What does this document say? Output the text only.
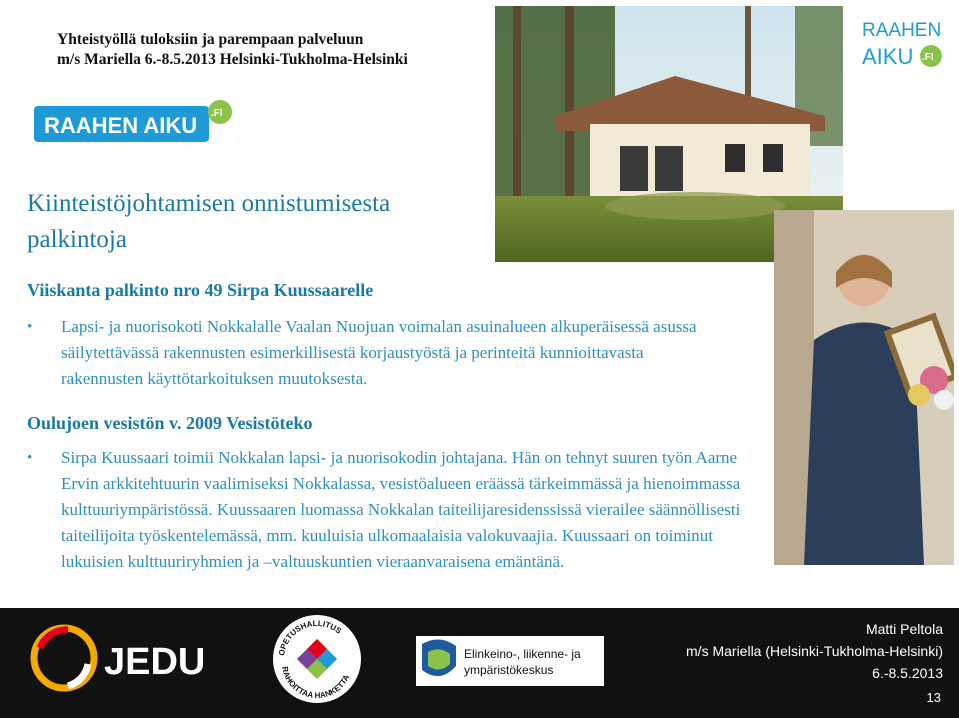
Yhteistyöllä tuloksiin ja parempaan palveluun
m/s Mariella 6.-8.5.2013 Helsinki-Tukholma-Helsinki
RAAHEN AIKU .FI
RAAHEN
AIKU .FI
Kiinteistöjohtamisen onnistumisesta
palkintoja
Viiskanta palkinto nro 49 Sirpa Kuussaarelle
• Lapsi- ja nuorisokoti Nokkalalle Vaalan Nuojuan voimalan asuinalueen alkuperäisessä asussa säilytettävässä rakennusten esimerkillisestä korjaustyöstä ja perinteitä kunnioittavasta rakennusten käyttötarkoituksen muutoksesta.
Oulujoen vesistön v. 2009 Vesistöteko
• Sirpa Kuussaari toimii Nokkalan lapsi- ja nuorisokodin johtajana. Hän on tehnyt suuren työn Aarne Ervin arkkitehtuurin vaalimiseksi Nokkalassa, vesistöalueen eräässä tärkeimmässä ja hienoimmassa kulttuuriympäristössä. Kuussaaren luomassa Nokkalan taiteilijaresidenssissä vierailee säännöllisesti taiteilijoita työskentelemässä, mm. kuuluisia ulkomaalaisia valokuvaajia. Kuussaari on toiminut lukuisien kulttuuriryhmien ja –valtuuskuntien vieraanvaraisena emäntänä.
JEDU	OPETUSHALLITUS
RAHOITTAA HANKETTA
Elinkeino-, liikenne- ja
ympäristökeskus
Matti Peltola
m/s Mariella (Helsinki-Tukholma-Helsinki)
6.-8.5.2013
13
